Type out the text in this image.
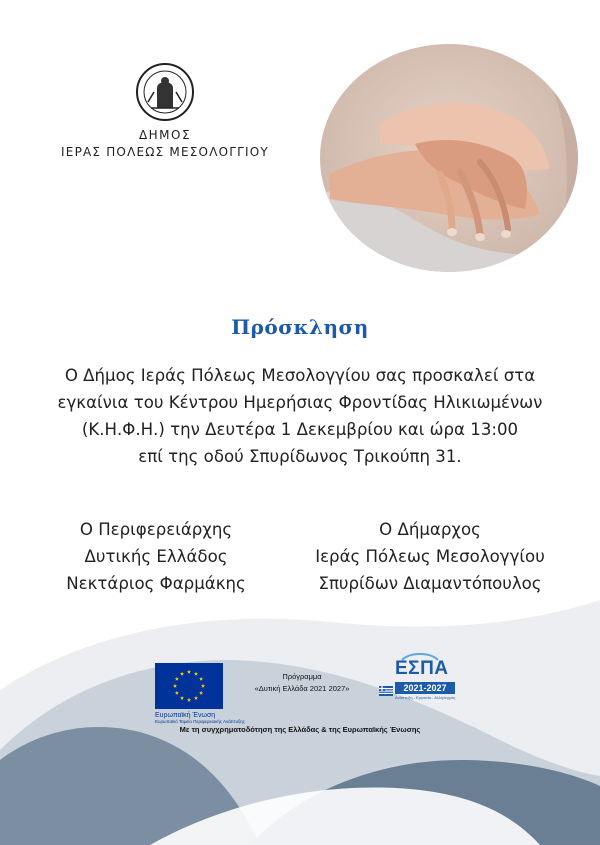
ΔΗΜΟΣ
ΙΕΡΑΣ ΠΟΛΕΩΣ ΜΕΣΟΛΟΓΓΙΟΥ
Πρόσκληση
Ο Δήμος Ιεράς Πόλεως Μεσολογγίου σας προσκαλεί στα
εγκαίνια του Κέντρου Ημερήσιας Φροντίδας Ηλικιωμένων
(Κ.Η.Φ.Η.) την Δευτέρα 1 Δεκεμβρίου και ώρα 13:00
επί της οδού Σπυρίδωνος Τρικούπη 31.
Ο Περιφερειάρχης
Δυτικής Ελλάδος
Νεκτάριος Φαρμάκης
Ο Δήμαρχος
Ιεράς Πόλεως Μεσολογγίου
Σπυρίδων Διαμαντόπουλος
Ευρωπαϊκή Ένωση
Ευρωπαϊκό Ταμείο Περιφερειακής Ανάπτυξης
Πρόγραμμα
«Δυτική Ελλάδα 2021 2027»
ΕΣΠΑ
2021-2027
Ανάπτυξη - Εργασία - Αλληλεγγύη
Με τη συγχρηματοδότηση της Ελλάδας & της Ευρωπαϊκής Ένωσης
